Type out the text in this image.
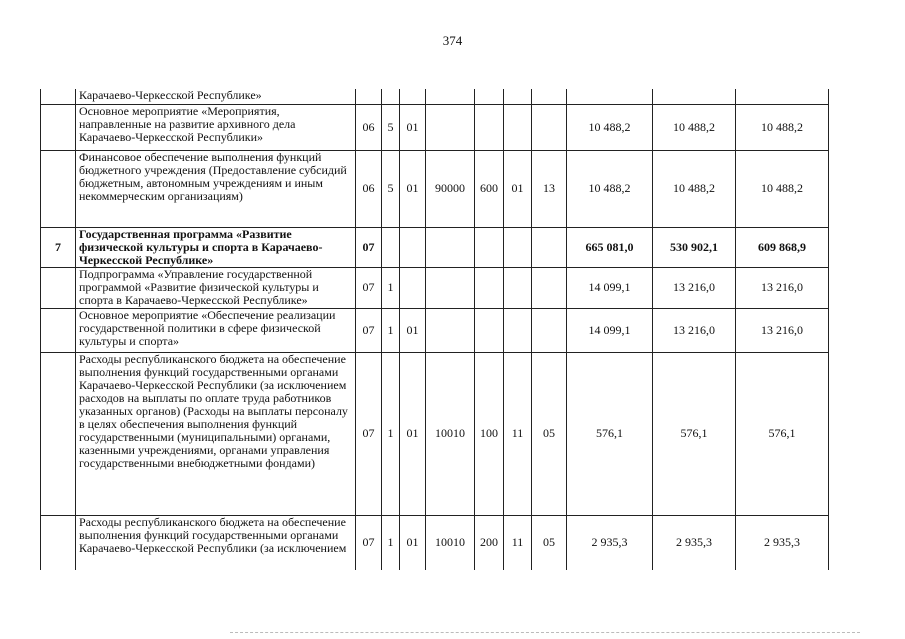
374
	Карачаево-Черкесской Республике»										
	Основное мероприятие «Мероприятия, направленные на развитие архивного дела Карачаево-Черкесской Республики»	06	5	01					10 488,2	10 488,2	10 488,2
	Финансовое обеспечение выполнения функций бюджетного учреждения (Предоставление субсидий бюджетным, автономным учреждениям и иным некоммерческим организациям)	06	5	01	90000	600	01	13	10 488,2	10 488,2	10 488,2
7	Государственная программа «Развитие физической культуры и спорта в Карачаево-Черкесской Республике»	07							665 081,0	530 902,1	609 868,9
	Подпрограмма «Управление государственной программой «Развитие физической культуры и спорта в Карачаево-Черкесской Республике»	07	1						14 099,1	13 216,0	13 216,0
	Основное мероприятие «Обеспечение реализации государственной политики в сфере физической культуры и спорта»	07	1	01					14 099,1	13 216,0	13 216,0
	Расходы республиканского бюджета на обеспечение выполнения функций государственными органами Карачаево-Черкесской Республики (за исключением расходов на выплаты по оплате труда работников указанных органов) (Расходы на выплаты персоналу в целях обеспечения выполнения функций государственными (муниципальными) органами, казенными учреждениями, органами управления государственными внебюджетными фондами)	07	1	01	10010	100	11	05	576,1	576,1	576,1
	Расходы республиканского бюджета на обеспечение выполнения функций государственными органами Карачаево-Черкесской Республики (за исключением	07	1	01	10010	200	11	05	2 935,3	2 935,3	2 935,3
